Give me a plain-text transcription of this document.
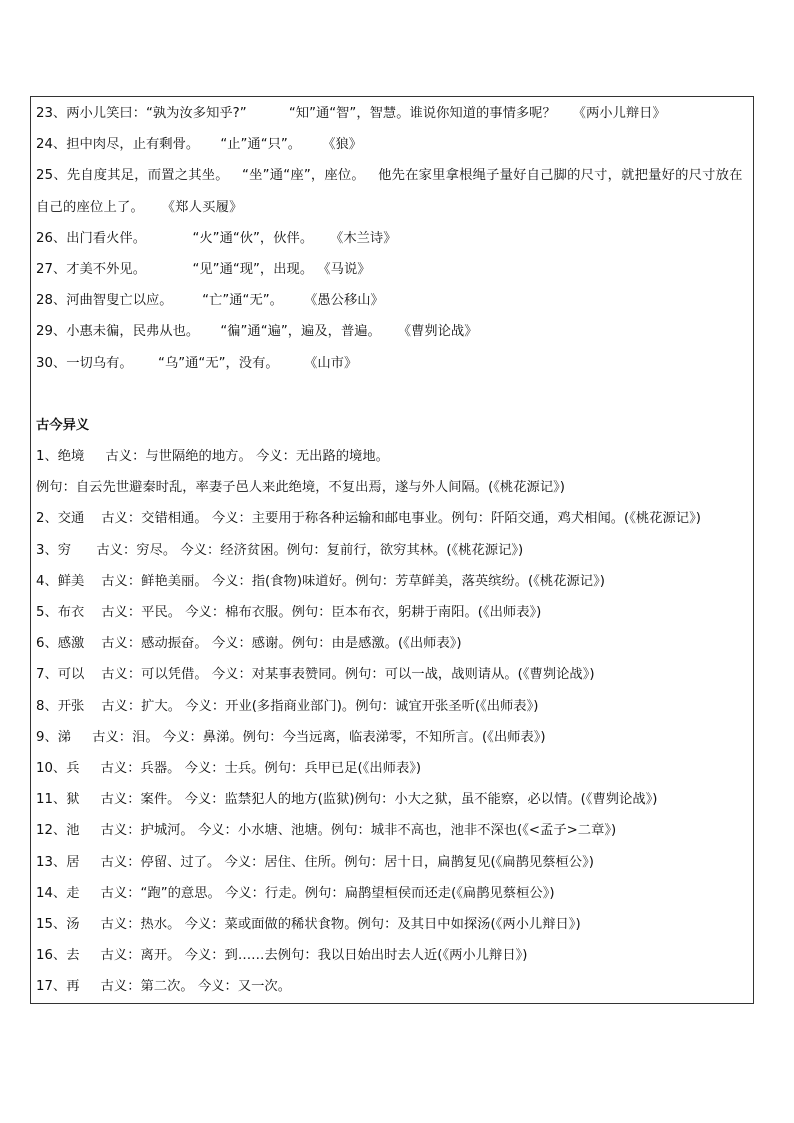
23、两小儿笑曰：“孰为汝多知乎?”          “知”通“智”，智慧。谁说你知道的事情多呢？    《两小儿辩日》
24、担中肉尽，止有剩骨。     “止”通“只”。     《狼》
25、先自度其足，而置之其坐。   “坐”通“座”，座位。   他先在家里拿根绳子量好自己脚的尺寸，就把量好的尺寸放在自己的座位上了。    《郑人买履》
26、出门看火伴。           “火”通“伙”，伙伴。    《木兰诗》
27、才美不外见。           “见”通“现”，出现。 《马说》
28、河曲智叟亡以应。       “亡”通“无”。     《愚公移山》
29、小惠未徧，民弗从也。     “徧”通“遍”，遍及，普遍。    《曹刿论战》
30、一切乌有。      “乌”通“无”，没有。      《山市》
古今异义
1、绝境     古义：与世隔绝的地方。 今义：无出路的境地。
例句：自云先世避秦时乱，率妻子邑人来此绝境，不复出焉，遂与外人间隔。(《桃花源记》)
2、交通    古义：交错相通。 今义：主要用于称各种运输和邮电事业。例句：阡陌交通，鸡犬相闻。(《桃花源记》)
3、穷      古义：穷尽。 今义：经济贫困。例句：复前行，欲穷其林。(《桃花源记》)
4、鲜美    古义：鲜艳美丽。 今义：指(食物)味道好。例句：芳草鲜美，落英缤纷。(《桃花源记》)
5、布衣    古义：平民。 今义：棉布衣服。例句：臣本布衣，躬耕于南阳。(《出师表》)
6、感激    古义：感动振奋。 今义：感谢。例句：由是感激。(《出师表》)
7、可以    古义：可以凭借。 今义：对某事表赞同。例句：可以一战，战则请从。(《曹刿论战》)
8、开张    古义：扩大。 今义：开业(多指商业部门)。例句：诚宜开张圣听(《出师表》)
9、涕     古义：泪。 今义：鼻涕。例句：今当远离，临表涕零，不知所言。(《出师表》)
10、兵     古义：兵器。 今义：士兵。例句：兵甲已足(《出师表》)
11、狱     古义：案件。 今义：监禁犯人的地方(监狱)例句：小大之狱，虽不能察，必以情。(《曹刿论战》)
12、池     古义：护城河。 今义：小水塘、池塘。例句：城非不高也，池非不深也(《<孟子>二章》)
13、居     古义：停留、过了。 今义：居住、住所。例句：居十日，扁鹊复见(《扁鹊见蔡桓公》)
14、走     古义：“跑”的意思。 今义：行走。例句：扁鹊望桓侯而还走(《扁鹊见蔡桓公》)
15、汤     古义：热水。 今义：菜或面做的稀状食物。例句：及其日中如探汤(《两小儿辩日》)
16、去     古义：离开。 今义：到……去例句：我以日始出时去人近(《两小儿辩日》)
17、再     古义：第二次。 今义：又一次。
